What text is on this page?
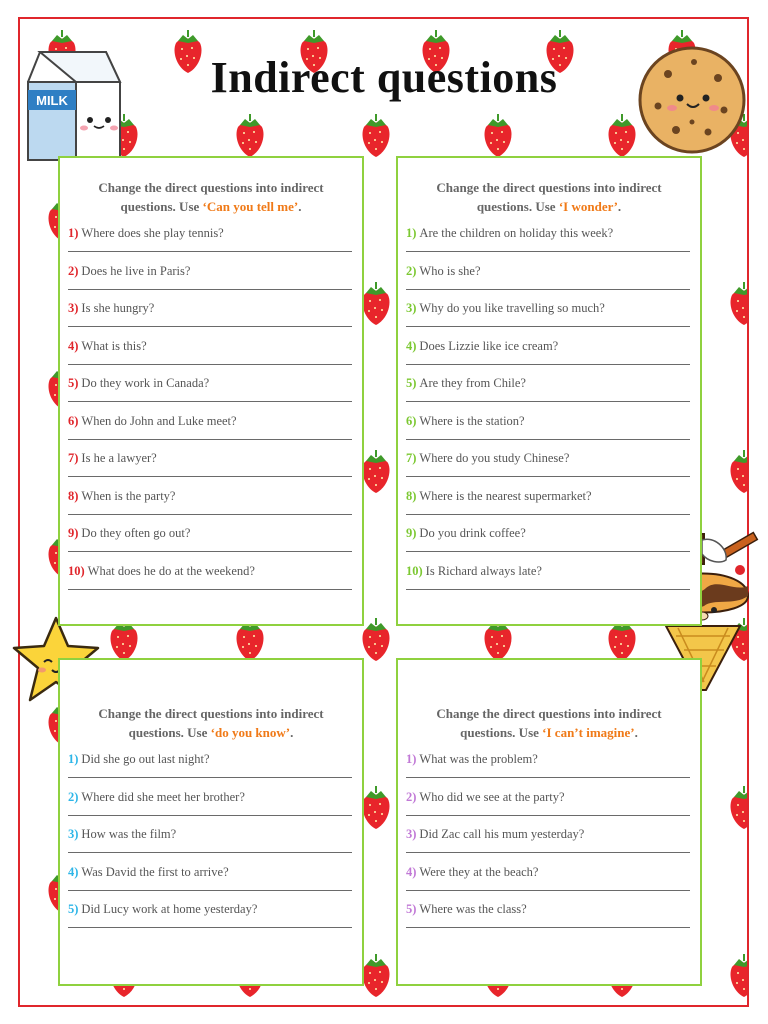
Indirect questions
MILK
Change the direct questions into indirect questions. Use ‘Can you tell me’.
1) Where does she play tennis?
2) Does he live in Paris?
3) Is she hungry?
4) What is this?
5) Do they work in Canada?
6) When do John and Luke meet?
7) Is he a lawyer?
8) When is the party?
9) Do they often go out?
10) What does he do at the weekend?
Change the direct questions into indirect questions. Use ‘I wonder’.
1) Are the children on holiday this week?
2) Who is she?
3) Why do you like travelling so much?
4) Does Lizzie like ice cream?
5) Are they from Chile?
6) Where is the station?
7) Where do you study Chinese?
8) Where is the nearest supermarket?
9) Do you drink coffee?
10) Is Richard always late?
Change the direct questions into indirect questions. Use ‘do you know’.
1) Did she go out last night?
2) Where did she meet her brother?
3) How was the film?
4) Was David the first to arrive?
5) Did Lucy work at home yesterday?
Change the direct questions into indirect questions. Use ‘I can’t imagine’.
1) What was the problem?
2) Who did we see at the party?
3) Did Zac call his mum yesterday?
4) Were they at the beach?
5) Where was the class?
